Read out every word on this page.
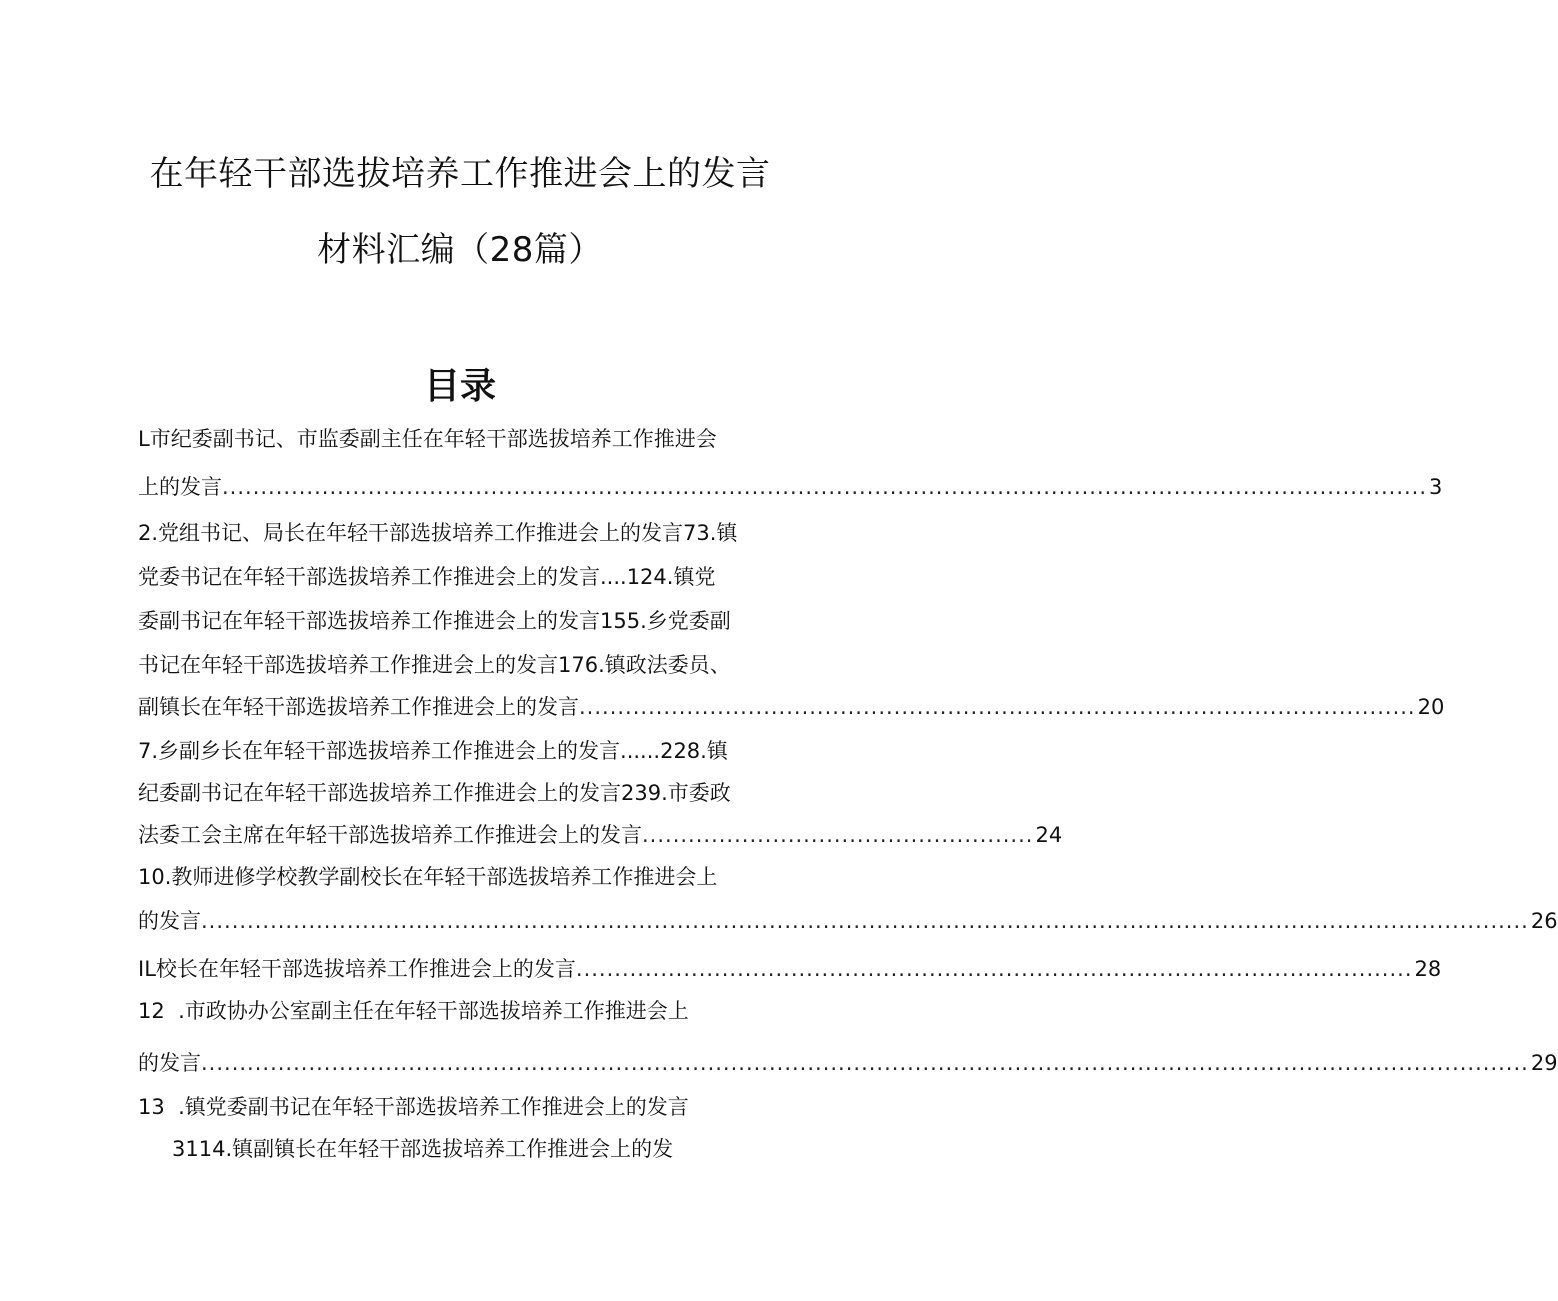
在年轻干部选拔培养工作推进会上的发言
材料汇编（28篇）
目录
L市纪委副书记、市监委副主任在年轻干部选拔培养工作推进会
上的发言 ............................................................................................................................................................. 3
2.党组书记、局长在年轻干部选拔培养工作推进会上的发言73.镇
党委书记在年轻干部选拔培养工作推进会上的发言....124.镇党
委副书记在年轻干部选拔培养工作推进会上的发言155.乡党委副
书记在年轻干部选拔培养工作推进会上的发言176.镇政法委员、
副镇长在年轻干部选拔培养工作推进会上的发言 ............................................................................................................. 20
7.乡副乡长在年轻干部选拔培养工作推进会上的发言......228.镇
纪委副书记在年轻干部选拔培养工作推进会上的发言239.市委政
法委工会主席在年轻干部选拔培养工作推进会上的发言 ................................................... 24
10.教师进修学校教学副校长在年轻干部选拔培养工作推进会上
的发言 ............................................................................................................................................................................. 26
IL校长在年轻干部选拔培养工作推进会上的发言 ............................................................................................................. 28
12  .市政协办公室副主任在年轻干部选拔培养工作推进会上
的发言 ............................................................................................................................................................................. 29
13  .镇党委副书记在年轻干部选拔培养工作推进会上的发言
3114.镇副镇长在年轻干部选拔培养工作推进会上的发
